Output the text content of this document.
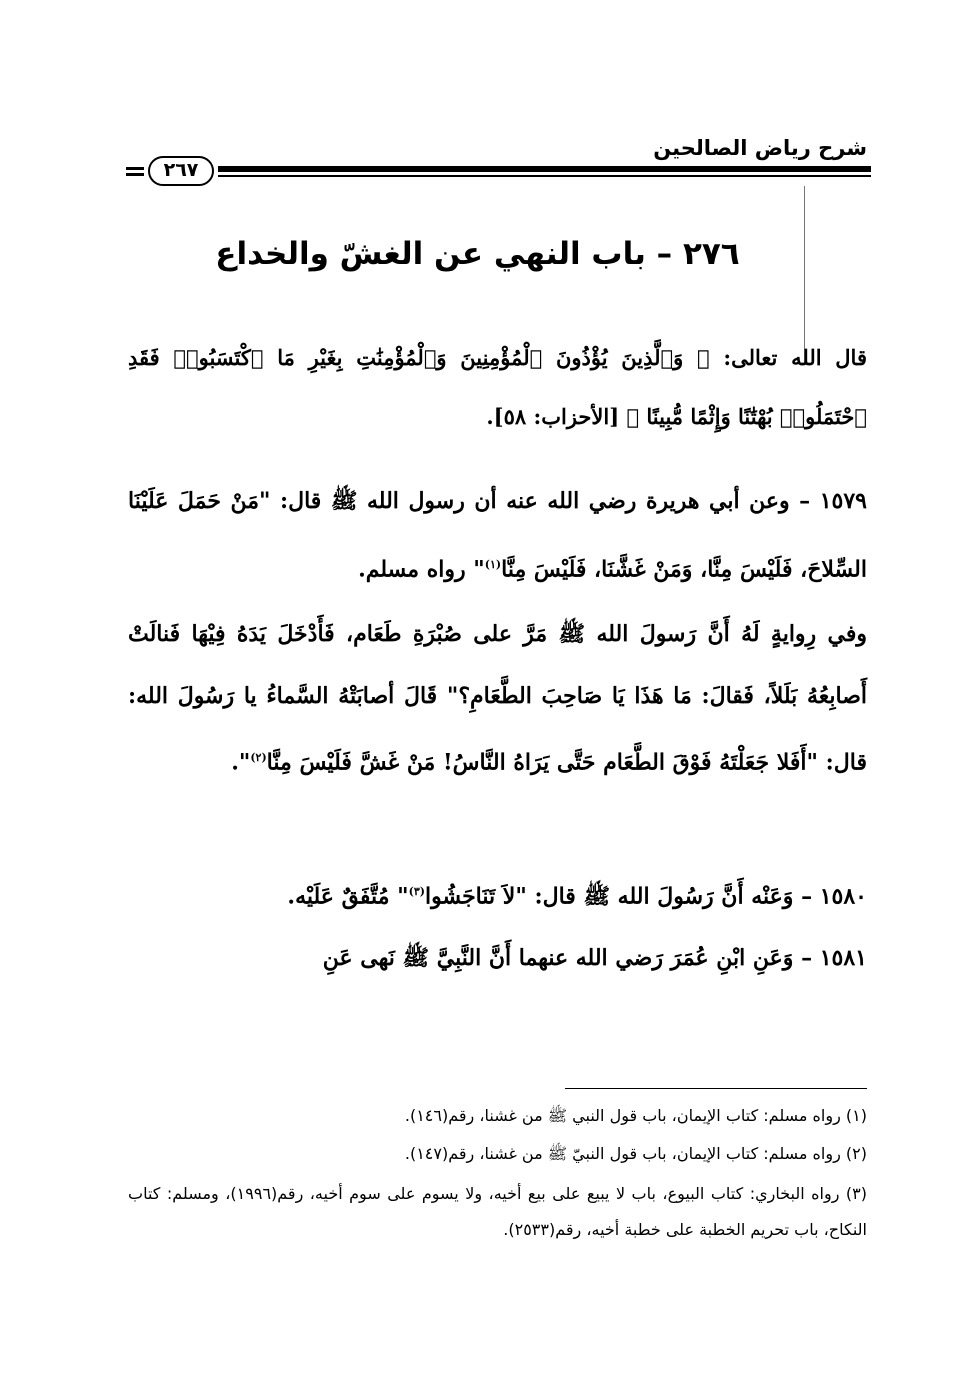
شرح رياض الصالحين
٢٦٧
٢٧٦ – باب النهي عن الغشّ والخداع
قال الله تعالى: ﴿ وَٱلَّذِينَ يُؤْذُونَ ٱلْمُؤْمِنِينَ وَٱلْمُؤْمِنَٰتِ بِغَيْرِ مَا ٱكْتَسَبُوا۟ فَقَدِ ٱحْتَمَلُوا۟ بُهْتَٰنًا وَإِثْمًا مُّبِينًا ﴾ [الأحزاب: ٥٨].
١٥٧٩ – وعن أبي هريرة رضي الله عنه أن رسول الله ﷺ قال: "مَنْ حَمَلَ عَلَيْنَا السِّلاحَ، فَلَيْسَ مِنَّا، وَمَنْ غَشَّنَا، فَلَيْسَ مِنَّا$^{(١)}$" رواه مسلم.
وفي رِوايةٍ لَهُ أَنَّ رَسولَ الله ﷺ مَرَّ على صُبْرَةِ طَعَام، فَأَدْخَلَ يَدَهُ فِيْهَا فَنالَتْ أَصابِعُهُ بَلَلاً، فَقالَ: مَا هَذَا يَا صَاحِبَ الطَّعَامِ؟" قَالَ أصابَتْهُ السَّماءُ يا رَسُولَ الله: قال: "أَفَلا جَعَلْتَهُ فَوْقَ الطَّعَام حَتَّى يَرَاهُ النَّاسُ! مَنْ غَشَّ فَلَيْسَ مِنَّا$^{(٢)}$".
١٥٨٠ – وَعَنْه أَنَّ رَسُولَ الله ﷺ قال: "لاَ تَنَاجَشُوا$^{(٣)}$" مُتَّفَقٌ عَلَيْه.
١٥٨١ – وَعَنِ ابْنِ عُمَرَ رَضي الله عنهما أَنَّ النَّبِيَّ ﷺ نَهى عَنِ
(١) رواه مسلم: كتاب الإيمان، باب قول النبي ﷺ من غشنا، رقم(١٤٦).
(٢) رواه مسلم: كتاب الإيمان، باب قول النبيّ ﷺ من غشنا، رقم(١٤٧).
(٣) رواه البخاري: كتاب البيوع، باب لا يبيع على بيع أخيه، ولا يسوم على سوم أخيه، رقم(١٩٩٦)، ومسلم: كتاب النكاح، باب تحريم الخطبة على خطبة أخيه، رقم(٢٥٣٣).
